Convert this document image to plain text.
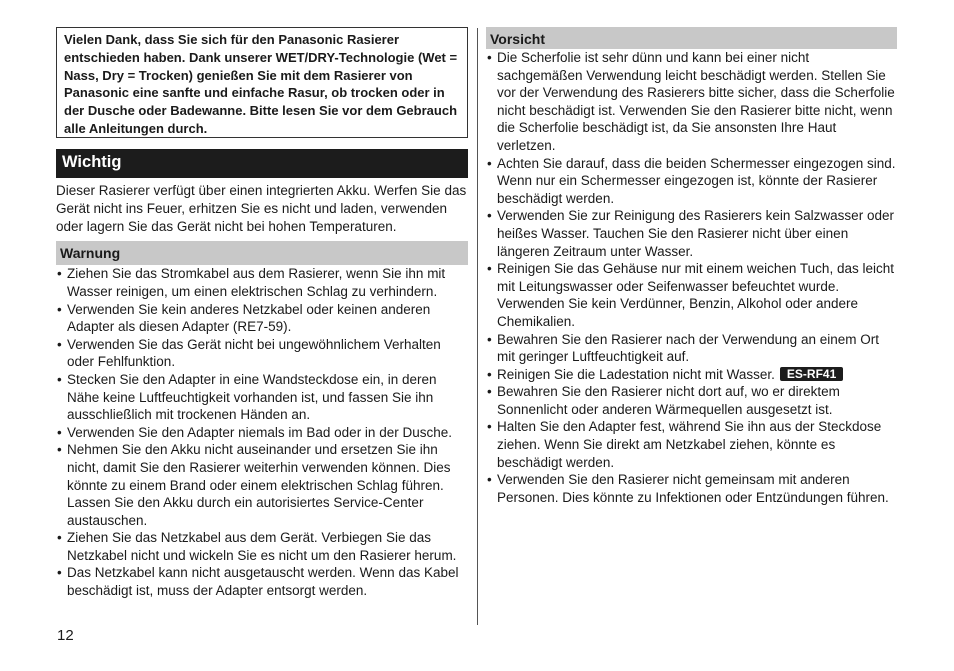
Vielen Dank, dass Sie sich für den Panasonic Rasierer entschieden haben. Dank unserer WET/DRY-Technologie (Wet = Nass, Dry = Trocken) genießen Sie mit dem Rasierer von Panasonic eine sanfte und einfache Rasur, ob trocken oder in der Dusche oder Badewanne. Bitte lesen Sie vor dem Gebrauch alle Anleitungen durch.
Wichtig
Dieser Rasierer verfügt über einen integrierten Akku. Werfen Sie das Gerät nicht ins Feuer, erhitzen Sie es nicht und laden, verwenden oder lagern Sie das Gerät nicht bei hohen Temperaturen.
Warnung
• Ziehen Sie das Stromkabel aus dem Rasierer, wenn Sie ihn mit Wasser reinigen, um einen elektrischen Schlag zu verhindern.
• Verwenden Sie kein anderes Netzkabel oder keinen anderen Adapter als diesen Adapter (RE7-59).
• Verwenden Sie das Gerät nicht bei ungewöhnlichem Verhalten oder Fehlfunktion.
• Stecken Sie den Adapter in eine Wandsteckdose ein, in deren Nähe keine Luftfeuchtigkeit vorhanden ist, und fassen Sie ihn ausschließlich mit trockenen Händen an.
• Verwenden Sie den Adapter niemals im Bad oder in der Dusche.
• Nehmen Sie den Akku nicht auseinander und ersetzen Sie ihn nicht, damit Sie den Rasierer weiterhin verwenden können. Dies könnte zu einem Brand oder einem elektrischen Schlag führen. Lassen Sie den Akku durch ein autorisiertes Service-Center austauschen.
• Ziehen Sie das Netzkabel aus dem Gerät. Verbiegen Sie das Netzkabel nicht und wickeln Sie es nicht um den Rasierer herum.
• Das Netzkabel kann nicht ausgetauscht werden. Wenn das Kabel beschädigt ist, muss der Adapter entsorgt werden.
Vorsicht
• Die Scherfolie ist sehr dünn und kann bei einer nicht sachgemäßen Verwendung leicht beschädigt werden. Stellen Sie vor der Verwendung des Rasierers bitte sicher, dass die Scherfolie nicht beschädigt ist. Verwenden Sie den Rasierer bitte nicht, wenn die Scherfolie beschädigt ist, da Sie ansonsten Ihre Haut verletzen.
• Achten Sie darauf, dass die beiden Schermesser eingezogen sind. Wenn nur ein Schermesser eingezogen ist, könnte der Rasierer beschädigt werden.
• Verwenden Sie zur Reinigung des Rasierers kein Salzwasser oder heißes Wasser. Tauchen Sie den Rasierer nicht über einen längeren Zeitraum unter Wasser.
• Reinigen Sie das Gehäuse nur mit einem weichen Tuch, das leicht mit Leitungswasser oder Seifenwasser befeuchtet wurde. Verwenden Sie kein Verdünner, Benzin, Alkohol oder andere Chemikalien.
• Bewahren Sie den Rasierer nach der Verwendung an einem Ort mit geringer Luftfeuchtigkeit auf.
• Reinigen Sie die Ladestation nicht mit Wasser. ES-RF41
• Bewahren Sie den Rasierer nicht dort auf, wo er direktem Sonnenlicht oder anderen Wärmequellen ausgesetzt ist.
• Halten Sie den Adapter fest, während Sie ihn aus der Steckdose ziehen. Wenn Sie direkt am Netzkabel ziehen, könnte es beschädigt werden.
• Verwenden Sie den Rasierer nicht gemeinsam mit anderen Personen. Dies könnte zu Infektionen oder Entzündungen führen.
12
